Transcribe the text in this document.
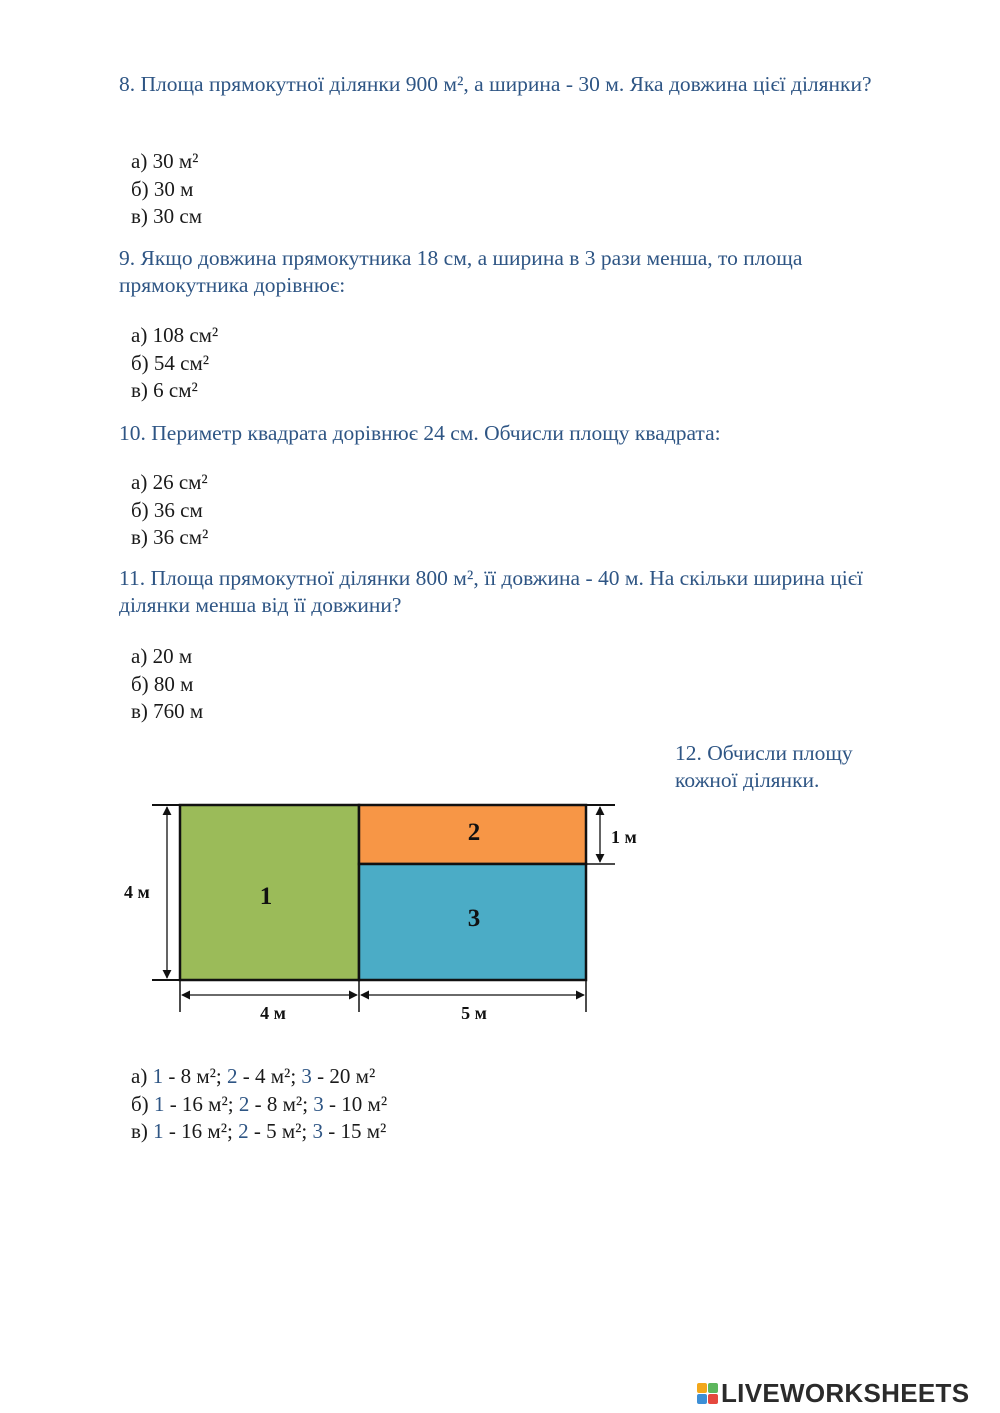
8. Площа прямокутної ділянки 900 м², а ширина - 30 м. Яка довжина цієї ділянки?
а) 30 м²
б) 30 м
в) 30 см
9. Якщо довжина прямокутника 18 см, а ширина в 3 рази менша, то площа прямокутника дорівнює:
а) 108 см²
б) 54 см²
в) 6 см²
10. Периметр квадрата дорівнює 24 см. Обчисли площу квадрата:
а) 26 см²
б) 36 см
в) 36 см²
11. Площа прямокутної ділянки 800 м², її довжина - 40 м. На скільки ширина цієї ділянки менша від її довжини?
а) 20 м
б) 80 м
в) 760 м
12. Обчисли площу
кожної ділянки.
1
2
3
4 м
1 м
4 м	5 м
а) 1 - 8 м²; 2 - 4 м²; 3 - 20 м²
б) 1 - 16 м²; 2 - 8 м²; 3 - 10 м²
в) 1 - 16 м²; 2 - 5 м²; 3 - 15 м²
LIVEWORKSHEETS
